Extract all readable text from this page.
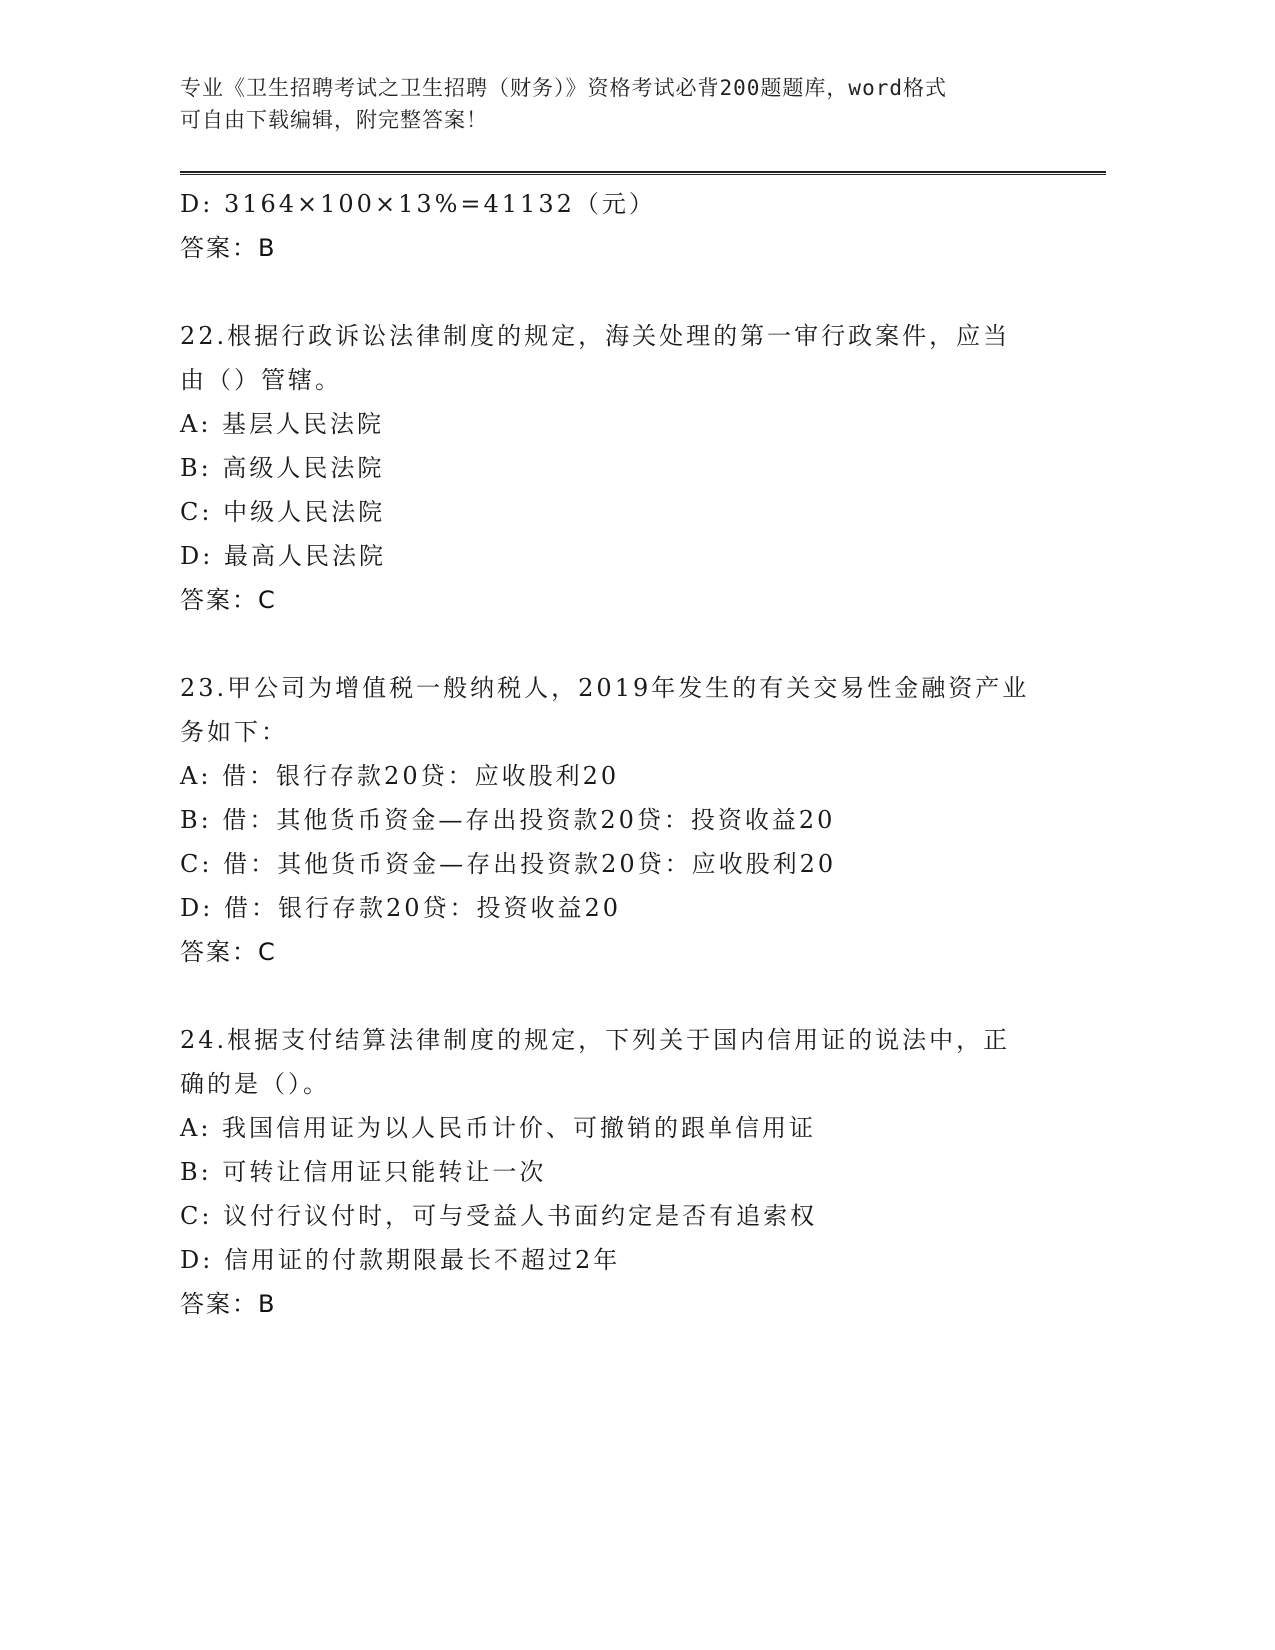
专业《卫生招聘考试之卫生招聘（财务）》资格考试必背200题题库，word格式
可自由下载编辑，附完整答案！
D: 3164×100×13%=41132（元）
答案：B
22.根据行政诉讼法律制度的规定，海关处理的第一审行政案件，应当
由（）管辖。
A: 基层人民法院
B: 高级人民法院
C: 中级人民法院
D: 最高人民法院
答案：C
23.甲公司为增值税一般纳税人，2019年发生的有关交易性金融资产业
务如下：
A: 借：银行存款20贷：应收股利20
B: 借：其他货币资金—存出投资款20贷：投资收益20
C: 借：其他货币资金—存出投资款20贷：应收股利20
D: 借：银行存款20贷：投资收益20
答案：C
24.根据支付结算法律制度的规定，下列关于国内信用证的说法中，正
确的是（）。
A: 我国信用证为以人民币计价、可撤销的跟单信用证
B: 可转让信用证只能转让一次
C: 议付行议付时，可与受益人书面约定是否有追索权
D: 信用证的付款期限最长不超过2年
答案：B
